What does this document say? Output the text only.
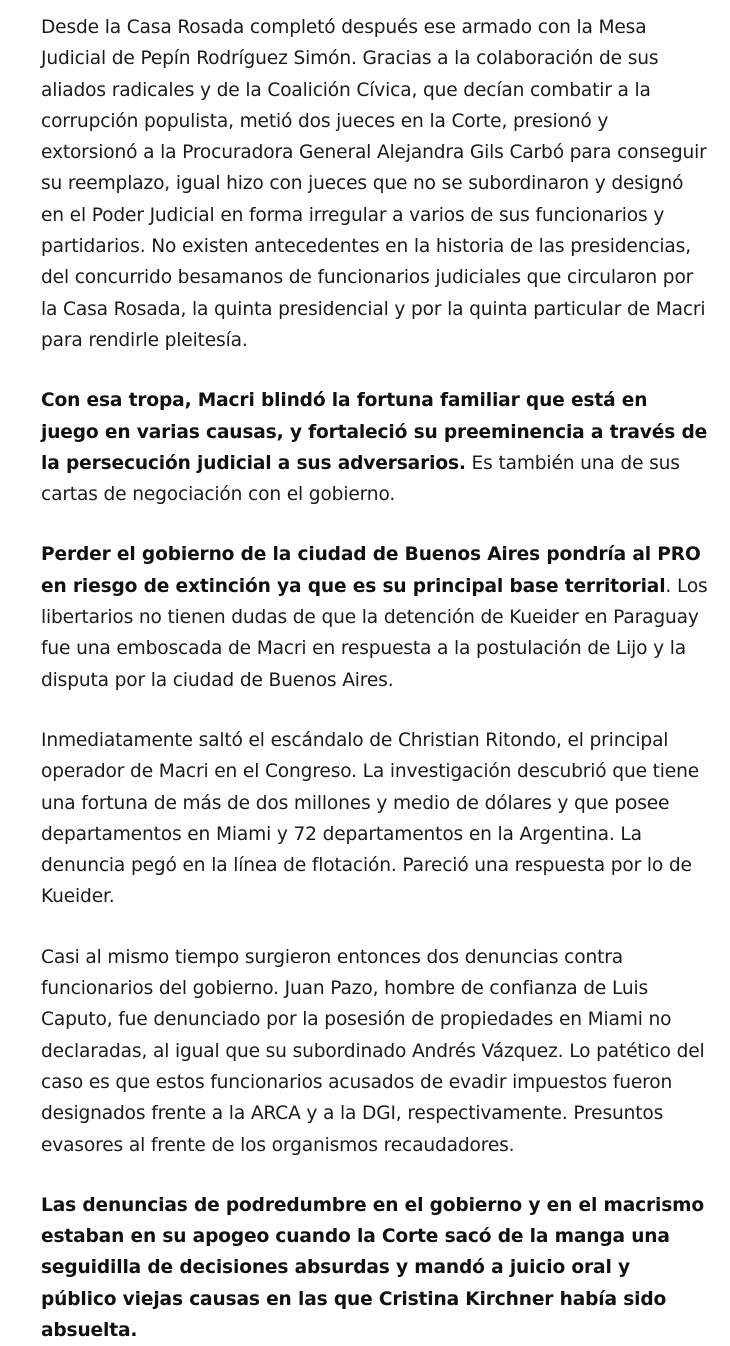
Desde la Casa Rosada completó después ese armado con la Mesa Judicial de Pepín Rodríguez Simón. Gracias a la colaboración de sus aliados radicales y de la Coalición Cívica, que decían combatir a la corrupción populista, metió dos jueces en la Corte, presionó y extorsionó a la Procuradora General Alejandra Gils Carbó para conseguir su reemplazo, igual hizo con jueces que no se subordinaron y designó en el Poder Judicial en forma irregular a varios de sus funcionarios y partidarios. No existen antecedentes en la historia de las presidencias, del concurrido besamanos de funcionarios judiciales que circularon por la Casa Rosada, la quinta presidencial y por la quinta particular de Macri para rendirle pleitesía.

Con esa tropa, Macri blindó la fortuna familiar que está en juego en varias causas, y fortaleció su preeminencia a través de la persecución judicial a sus adversarios. Es también una de sus cartas de negociación con el gobierno.

Perder el gobierno de la ciudad de Buenos Aires pondría al PRO en riesgo de extinción ya que es su principal base territorial. Los libertarios no tienen dudas de que la detención de Kueider en Paraguay fue una emboscada de Macri en respuesta a la postulación de Lijo y la disputa por la ciudad de Buenos Aires.

Inmediatamente saltó el escándalo de Christian Ritondo, el principal operador de Macri en el Congreso. La investigación descubrió que tiene una fortuna de más de dos millones y medio de dólares y que posee departamentos en Miami y 72 departamentos en la Argentina. La denuncia pegó en la línea de flotación. Pareció una respuesta por lo de Kueider.

Casi al mismo tiempo surgieron entonces dos denuncias contra funcionarios del gobierno. Juan Pazo, hombre de confianza de Luis Caputo, fue denunciado por la posesión de propiedades en Miami no declaradas, al igual que su subordinado Andrés Vázquez. Lo patético del caso es que estos funcionarios acusados de evadir impuestos fueron designados frente a la ARCA y a la DGI, respectivamente. Presuntos evasores al frente de los organismos recaudadores.

Las denuncias de podredumbre en el gobierno y en el macrismo estaban en su apogeo cuando la Corte sacó de la manga una seguidilla de decisiones absurdas y mandó a juicio oral y público viejas causas en las que Cristina Kirchner había sido absuelta.
